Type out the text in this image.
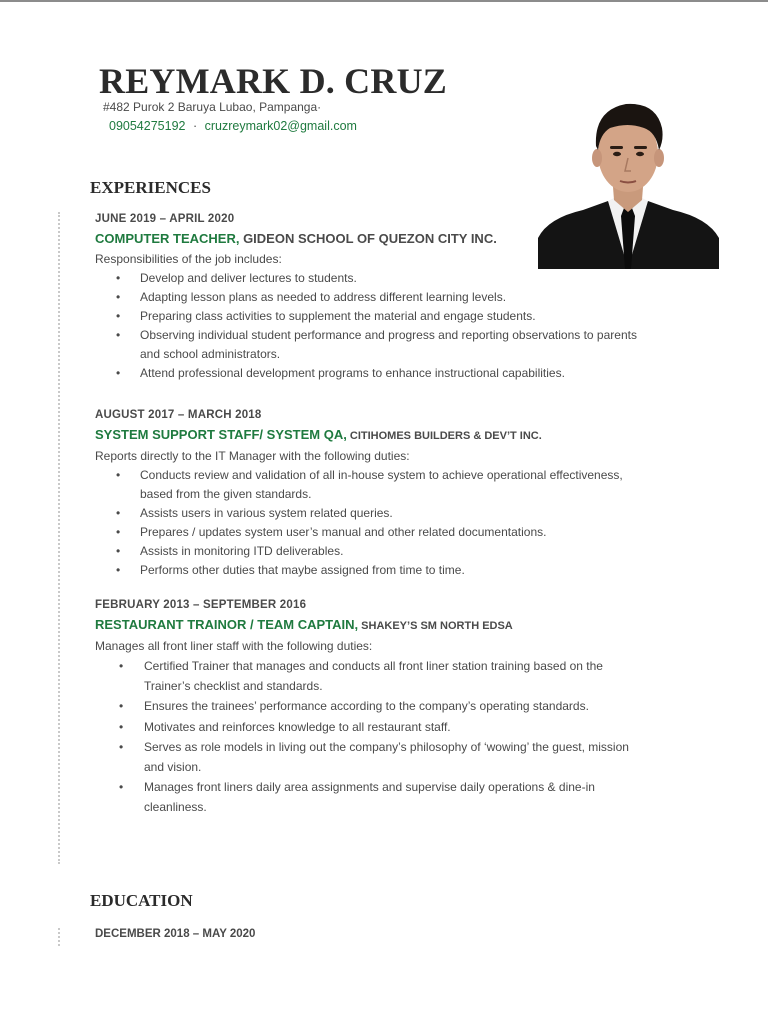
REYMARK D. CRUZ
#482 Purok 2 Baruya Lubao, Pampanga·
09054275192 · cruzreymark02@gmail.com
EXPERIENCES
JUNE 2019 – APRIL 2020
COMPUTER TEACHER, GIDEON SCHOOL OF QUEZON CITY INC.
Responsibilities of the job includes:
• Develop and deliver lectures to students.
• Adapting lesson plans as needed to address different learning levels.
• Preparing class activities to supplement the material and engage students.
• Observing individual student performance and progress and reporting observations to parents and school administrators.
• Attend professional development programs to enhance instructional capabilities.
AUGUST 2017 – MARCH 2018
SYSTEM SUPPORT STAFF/ SYSTEM QA, CITIHOMES BUILDERS & DEV’T INC.
Reports directly to the IT Manager with the following duties:
• Conducts review and validation of all in-house system to achieve operational effectiveness, based from the given standards.
• Assists users in various system related queries.
• Prepares / updates system user’s manual and other related documentations.
• Assists in monitoring ITD deliverables.
• Performs other duties that maybe assigned from time to time.
FEBRUARY 2013 – SEPTEMBER 2016
RESTAURANT TRAINOR / TEAM CAPTAIN, SHAKEY’S SM NORTH EDSA
Manages all front liner staff with the following duties:
• Certified Trainer that manages and conducts all front liner station training based on the Trainer’s checklist and standards.
• Ensures the trainees’ performance according to the company’s operating standards.
• Motivates and reinforces knowledge to all restaurant staff.
• Serves as role models in living out the company’s philosophy of ‘wowing’ the guest, mission and vision.
• Manages front liners daily area assignments and supervise daily operations & dine-in cleanliness.
EDUCATION
DECEMBER 2018 – MAY 2020
